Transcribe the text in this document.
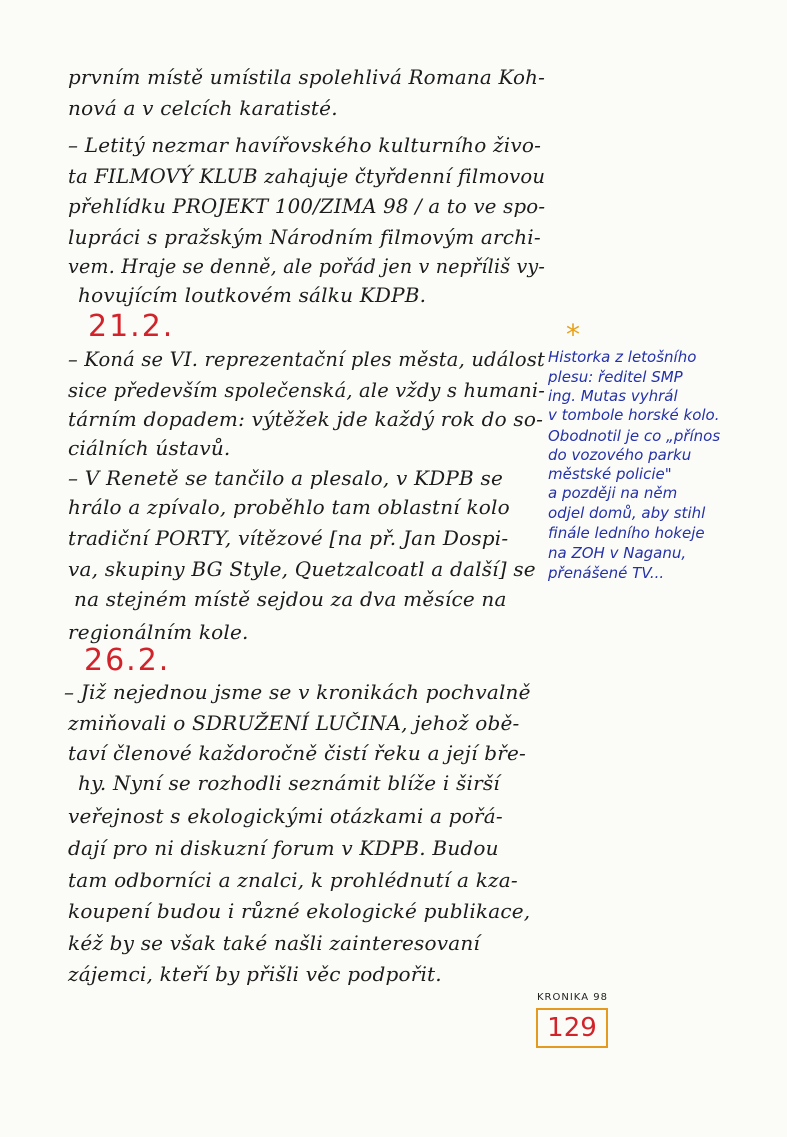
prvním místě umístila spolehlivá Romana Koh-
nová a v celcích karatisté.
– Letitý nezmar havířovského kulturního živo-
ta FILMOVÝ KLUB zahajuje čtyřdenní filmovou
přehlídku PROJEKT 100/ZIMA 98 / a to ve spo-
lupráci s pražským Národním filmovým archi-
vem. Hraje se denně, ale pořád jen v nepříliš vy-
hovujícím loutkovém sálku KDPB.
21.2.
– Koná se VI. reprezentační ples města, událost
sice především společenská, ale vždy s humani-
tárním dopadem: výtěžek jde každý rok do so-
ciálních ústavů.
– V Renetě se tančilo a plesalo, v KDPB se
hrálo a zpívalo, proběhlo tam oblastní kolo
tradiční PORTY, vítězové [na př. Jan Dospi-
va, skupiny BG Style, Quetzalcoatl a další] se
na stejném místě sejdou za dva měsíce na
regionálním kole.
26.2.
– Již nejednou jsme se v kronikách pochvalně
zmiňovali o SDRUŽENÍ LUČINA, jehož obě-
taví členové každoročně čistí řeku a její bře-
hy. Nyní se rozhodli seznámit blíže i širší
veřejnost s ekologickými otázkami a pořá-
dají pro ni diskuzní forum v KDPB. Budou
tam odborníci a znalci, k prohlédnutí a kza-
koupení budou i různé ekologické publikace,
kéž by se však také našli zainteresovaní
zájemci, kteří by přišli věc podpořit.
*
Historka z letošního
plesu: ředitel SMP
ing. Mutas vyhrál
v tombole horské kolo.
Obodnotil je co „přínos
do vozového parku
městské policie"
a později na něm
odjel domů, aby stihl
finále ledního hokeje
na ZOH v Naganu,
přenášené TV...
KRONIKA 98
129
